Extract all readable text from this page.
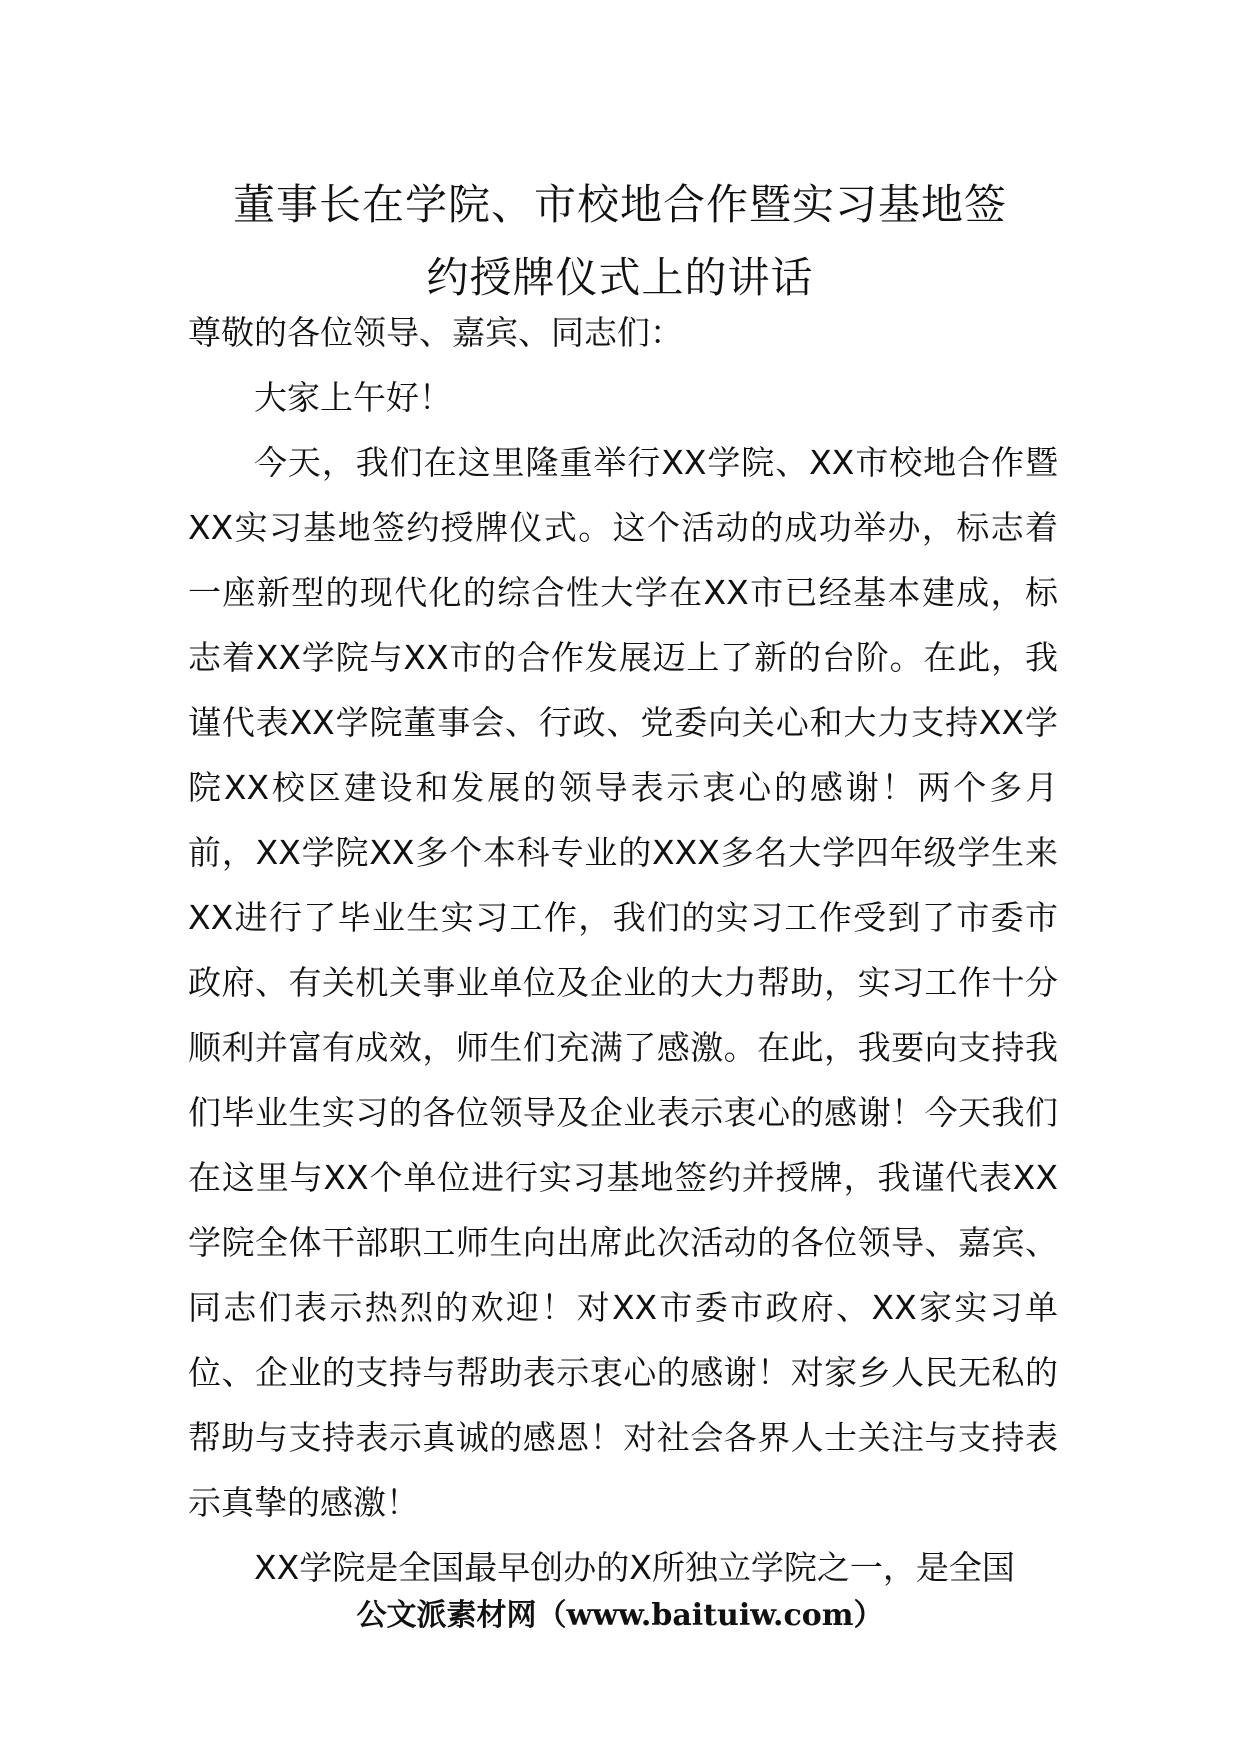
董事长在学院、市校地合作暨实习基地签
约授牌仪式上的讲话

尊敬的各位领导、嘉宾、同志们：

大家上午好！

今天，我们在这里隆重举行XX学院、XX市校地合作暨XX实习基地签约授牌仪式。这个活动的成功举办，标志着一座新型的现代化的综合性大学在XX市已经基本建成，标志着XX学院与XX市的合作发展迈上了新的台阶。在此，我谨代表XX学院董事会、行政、党委向关心和大力支持XX学院XX校区建设和发展的领导表示衷心的感谢！两个多月前，XX学院XX多个本科专业的XXX多名大学四年级学生来XX进行了毕业生实习工作，我们的实习工作受到了市委市政府、有关机关事业单位及企业的大力帮助，实习工作十分顺利并富有成效，师生们充满了感激。在此，我要向支持我们毕业生实习的各位领导及企业表示衷心的感谢！今天我们在这里与XX个单位进行实习基地签约并授牌，我谨代表XX学院全体干部职工师生向出席此次活动的各位领导、嘉宾、同志们表示热烈的欢迎！对XX市委市政府、XX家实习单位、企业的支持与帮助表示衷心的感谢！对家乡人民无私的帮助与支持表示真诚的感恩！对社会各界人士关注与支持表示真挚的感激！

XX学院是全国最早创办的X所独立学院之一，是全国

公文派素材网（www.baituiw.com）
